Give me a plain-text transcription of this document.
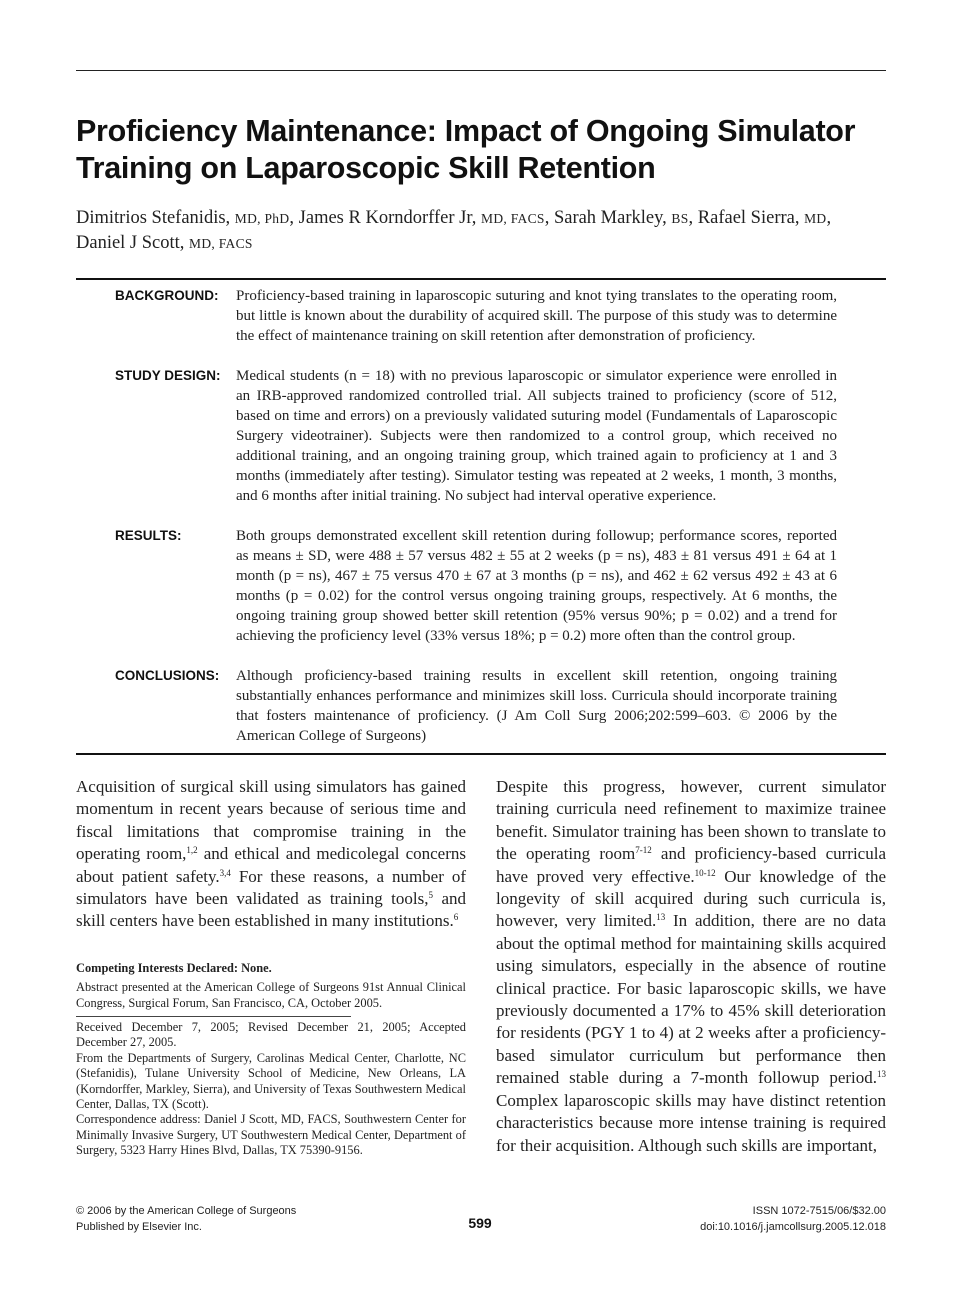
Proficiency Maintenance: Impact of Ongoing Simulator Training on Laparoscopic Skill Retention
Dimitrios Stefanidis, MD, PhD, James R Korndorffer Jr, MD, FACS, Sarah Markley, BS, Rafael Sierra, MD,
Daniel J Scott, MD, FACS
BACKGROUND: Proficiency-based training in laparoscopic suturing and knot tying translates to the operating room, but little is known about the durability of acquired skill. The purpose of this study was to determine the effect of maintenance training on skill retention after demonstration of proficiency.
STUDY DESIGN: Medical students (n = 18) with no previous laparoscopic or simulator experience were enrolled in an IRB-approved randomized controlled trial. All subjects trained to proficiency (score of 512, based on time and errors) on a previously validated suturing model (Fundamentals of Laparoscopic Surgery videotrainer). Subjects were then randomized to a control group, which received no additional training, and an ongoing training group, which trained again to proficiency at 1 and 3 months (immediately after testing). Simulator testing was repeated at 2 weeks, 1 month, 3 months, and 6 months after initial training. No subject had interval operative experience.
RESULTS:	Both groups demonstrated excellent skill retention during followup; performance scores, reported as means ± SD, were 488 ± 57 versus 482 ± 55 at 2 weeks (p = ns), 483 ± 81 versus 491 ± 64 at 1 month (p = ns), 467 ± 75 versus 470 ± 67 at 3 months (p = ns), and 462 ± 62 versus 492 ± 43 at 6 months (p = 0.02) for the control versus ongoing training groups, respectively. At 6 months, the ongoing training group showed better skill retention (95% versus 90%; p = 0.02) and a trend for achieving the proficiency level (33% versus 18%; p = 0.2) more often than the control group.
CONCLUSIONS: Although proficiency-based training results in excellent skill retention, ongoing training substantially enhances performance and minimizes skill loss. Curricula should incorporate training that fosters maintenance of proficiency. (J Am Coll Surg 2006;202:599–603. © 2006 by the American College of Surgeons)
Acquisition of surgical skill using simulators has gained momentum in recent years because of serious time and fiscal limitations that compromise training in the operating room,$^{1,2}$ and ethical and medicolegal concerns about patient safety.$^{3,4}$ For these reasons, a number of simulators have been validated as training tools,$^5$ and skill centers have been established in many institutions.$^6$

Competing Interests Declared: None.

Abstract presented at the American College of Surgeons 91st Annual Clinical Congress, Surgical Forum, San Francisco, CA, October 2005.

Received December 7, 2005; Revised December 21, 2005; Accepted December 27, 2005.

From the Departments of Surgery, Carolinas Medical Center, Charlotte, NC (Stefanidis), Tulane University School of Medicine, New Orleans, LA (Korndorffer, Markley, Sierra), and University of Texas Southwestern Medical Center, Dallas, TX (Scott).

Correspondence address: Daniel J Scott, MD, FACS, Southwestern Center for Minimally Invasive Surgery, UT Southwestern Medical Center, Department of Surgery, 5323 Harry Hines Blvd, Dallas, TX 75390-9156.

Despite this progress, however, current simulator training curricula need refinement to maximize trainee benefit. Simulator training has been shown to translate to the operating room$^{7-12}$ and proficiency-based curricula have proved very effective.$^{10-12}$ Our knowledge of the longevity of skill acquired during such curricula is, however, very limited.$^{13}$ In addition, there are no data about the optimal method for maintaining skills acquired using simulators, especially in the absence of routine clinical practice. For basic laparoscopic skills, we have previously documented a 17% to 45% skill deterioration for residents (PGY 1 to 4) at 2 weeks after a proficiency-based simulator curriculum but performance then remained stable during a 7-month followup period.$^{13}$ Complex laparoscopic skills may have distinct retention characteristics because more intense training is required for their acquisition. Although such skills are important,
© 2006 by the American College of Surgeons
Published by Elsevier Inc.	599
ISSN 1072-7515/06/$32.00
doi:10.1016/j.jamcollsurg.2005.12.018
